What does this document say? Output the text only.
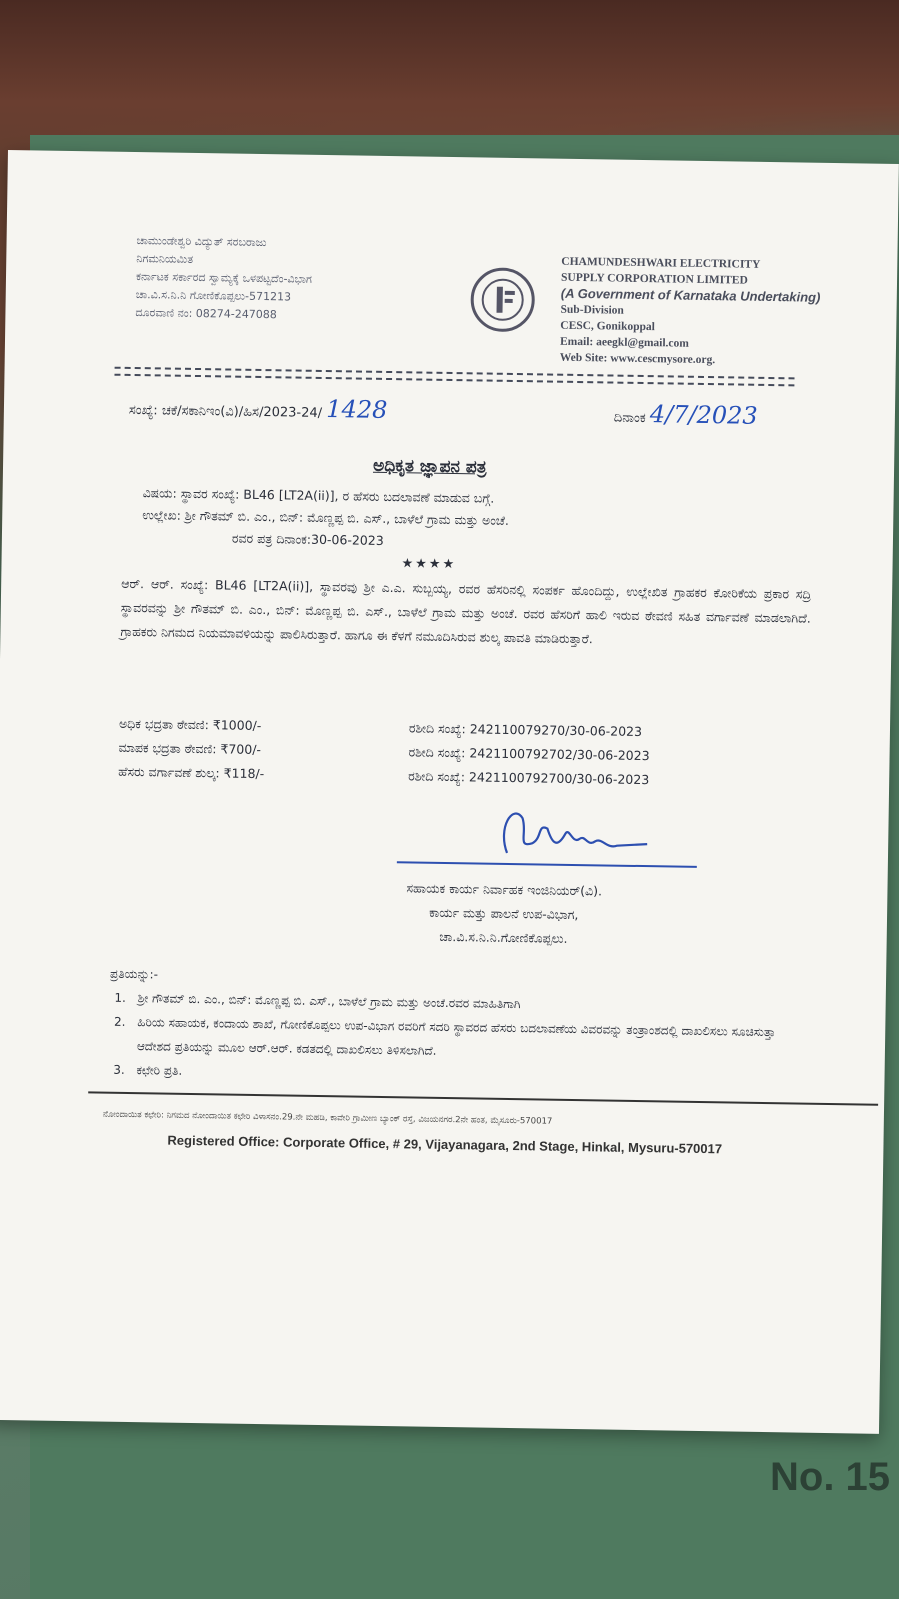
No. 15
ಚಾಮುಂಡೇಶ್ವರಿ ವಿದ್ಯುತ್ ಸರಬರಾಜು
ನಿಗಮನಿಯಮಿತ
ಕರ್ನಾಟಕ ಸರ್ಕಾರದ ಸ್ವಾಮ್ಯಕ್ಕೆ ಒಳಪಟ್ಟದೆಂ-ವಿಭಾಗ
ಚಾ.ವಿ.ಸ.ನಿ.ನಿ ಗೋಣಿಕೊಪ್ಪಲು-571213
ದೂರವಾಣಿ ನಂ: 08274-247088
CHAMUNDESHWARI ELECTRICITY
SUPPLY CORPORATION LIMITED
(A Government of Karnataka Undertaking)
Sub-Division
CESC, Gonikoppal
Email: aeegkl@gmail.com
Web Site: www.cescmysore.org.
ಸಂಖ್ಯೆ: ಚಕೆ/ಸಕಾನಿಇಂ(ವಿ)/ಹಿಸ/2023-24/ 1428	ದಿನಾಂಕ 4/7/2023
ಅಧಿಕೃತ ಜ್ಞಾಪನ ಪತ್ರ
ವಿಷಯ: ಸ್ಥಾವರ ಸಂಖ್ಯೆ: BL46 [LT2A(ii)], ರ ಹೆಸರು ಬದಲಾವಣೆ ಮಾಡುವ ಬಗ್ಗೆ.
ಉಲ್ಲೇಖ: ಶ್ರೀ ಗೌತಮ್ ಬಿ. ಎಂ., ಬಿನ್: ಮೊಣ್ಣಪ್ಪ ಬಿ. ಎಸ್., ಬಾಳೆಲೆ ಗ್ರಾಮ ಮತ್ತು ಅಂಚೆ.
ರವರ ಪತ್ರ ದಿನಾಂಕ:30-06-2023
★★★★
ಆರ್. ಆರ್. ಸಂಖ್ಯೆ: BL46 [LT2A(ii)], ಸ್ಥಾವರವು ಶ್ರೀ ಎ.ಎ. ಸುಬ್ಬಯ್ಯ, ರವರ ಹೆಸರಿನಲ್ಲಿ ಸಂಪರ್ಕ ಹೊಂದಿದ್ದು, ಉಲ್ಲೇಖಿತ ಗ್ರಾಹಕರ ಕೋರಿಕೆಯ ಪ್ರಕಾರ ಸದ್ರಿ ಸ್ಥಾವರವನ್ನು ಶ್ರೀ ಗೌತಮ್ ಬಿ. ಎಂ., ಬಿನ್: ಮೊಣ್ಣಪ್ಪ ಬಿ. ಎಸ್., ಬಾಳೆಲೆ ಗ್ರಾಮ ಮತ್ತು ಅಂಚೆ. ರವರ ಹೆಸರಿಗೆ ಹಾಲಿ ಇರುವ ಠೇವಣಿ ಸಹಿತ ವರ್ಗಾವಣೆ ಮಾಡಲಾಗಿದೆ. ಗ್ರಾಹಕರು ನಿಗಮದ ನಿಯಮಾವಳಿಯನ್ನು ಪಾಲಿಸಿರುತ್ತಾರೆ. ಹಾಗೂ ಈ ಕೆಳಗೆ ನಮೂದಿಸಿರುವ ಶುಲ್ಕ ಪಾವತಿ ಮಾಡಿರುತ್ತಾರೆ.
ಅಧಿಕ ಭದ್ರತಾ ಠೇವಣಿ: ₹1000/-	ರಶೀದಿ ಸಂಖ್ಯೆ: 242110079270/30-06-2023
ಮಾಪಕ ಭದ್ರತಾ ಠೇವಣಿ: ₹700/-	ರಶೀದಿ ಸಂಖ್ಯೆ: 2421100792702/30-06-2023
ಹೆಸರು ವರ್ಗಾವಣೆ ಶುಲ್ಕ: ₹118/-	ರಶೀದಿ ಸಂಖ್ಯೆ: 2421100792700/30-06-2023
ಸಹಾಯಕ ಕಾರ್ಯ ನಿರ್ವಾಹಕ ಇಂಜಿನಿಯರ್(ವಿ).
ಕಾರ್ಯ ಮತ್ತು ಪಾಲನೆ ಉಪ-ವಿಭಾಗ,
ಚಾ.ವಿ.ಸ.ನಿ.ನಿ.ಗೋಣಿಕೊಪ್ಪಲು.
ಪ್ರತಿಯನ್ನು:-
1. ಶ್ರೀ ಗೌತಮ್ ಬಿ. ಎಂ., ಬಿನ್: ಮೊಣ್ಣಪ್ಪ ಬಿ. ಎಸ್., ಬಾಳೆಲೆ ಗ್ರಾಮ ಮತ್ತು ಅಂಚೆ.ರವರ ಮಾಹಿತಿಗಾಗಿ
2. ಹಿರಿಯ ಸಹಾಯಕ, ಕಂದಾಯ ಶಾಖೆ, ಗೋಣಿಕೊಪ್ಪಲು ಉಪ-ವಿಭಾಗ ರವರಿಗೆ ಸದರಿ ಸ್ಥಾವರದ ಹೆಸರು ಬದಲಾವಣೆಯ ವಿವರವನ್ನು ತಂತ್ರಾಂಶದಲ್ಲಿ ದಾಖಲಿಸಲು ಸೂಚಿಸುತ್ತಾ ಆದೇಶದ ಪ್ರತಿಯನ್ನು ಮೂಲ ಆರ್.ಆರ್. ಕಡತದಲ್ಲಿ ದಾಖಲಿಸಲು ತಿಳಿಸಲಾಗಿದೆ.
3. ಕಛೇರಿ ಪ್ರತಿ.
ನೋಂದಾಯಿತ ಕಛೇರಿ: ನಿಗಮದ ನೋಂದಾಯಿತ ಕಛೇರಿ ವಿಳಾಸನಂ.29.ನೇ ಮಹಡಿ, ಕಾವೇರಿ ಗ್ರಾಮೀಣ ಬ್ಯಾಂಕ್ ರಸ್ತೆ, ವಿಜಯನಗರ.2ನೇ ಹಂತ, ಮೈಸೂರು-570017
Registered Office: Corporate Office, # 29, Vijayanagara, 2nd Stage, Hinkal, Mysuru-570017
